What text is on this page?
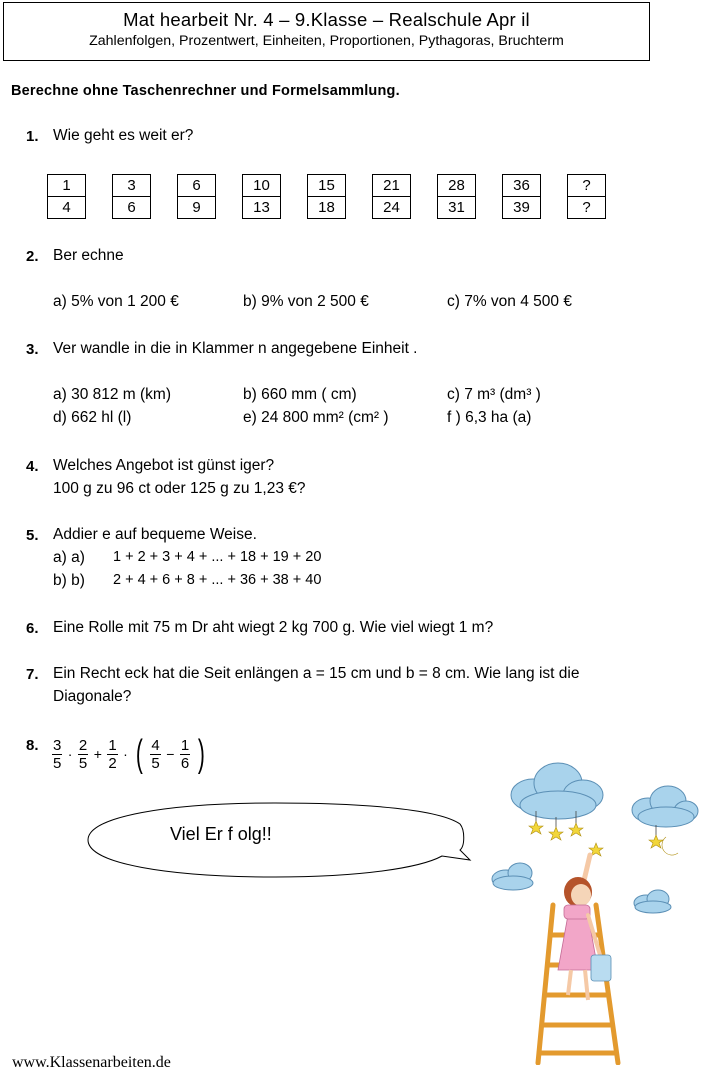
Mat hearbeit Nr. 4 – 9.Klasse – Realschule Apr il
Zahlenfolgen, Prozentwert, Einheiten, Proportionen, Pythagoras, Bruchterm
Berechne ohne Taschenrechner und Formelsammlung.
1. Wie geht es weit er?
1		3		6		10		15		21		28		36		?
4		6		9		13		18		24		31		39		?
2. Ber echne
a) 5% von 1 200 €	b) 9% von 2 500 €	c) 7% von 4 500 €
3. Ver wandle in die in Klammer n angegebene Einheit .
a) 30 812 m (km)	b) 660 mm ( cm)	c) 7 m³ (dm³ )
d) 662 hl (l)	e) 24 800 mm² (cm² )	f ) 6,3 ha (a)
4. Welches Angebot ist günst iger?
100 g zu 96 ct oder 125 g zu 1,23 €?
5. Addier e auf bequeme Weise.
a) a) 1 + 2 + 3 + 4 + ... + 18 + 19 + 20
b) b) 2 + 4 + 6 + 8 + ... + 36 + 38 + 40
6. Eine Rolle mit 75 m Dr aht wiegt 2 kg 700 g. Wie viel wiegt 1 m?
7. Ein Recht eck hat die Seit enlängen a = 15 cm und b = 8 cm. Wie lang ist die
Diagonale?
8. $\frac{3}{5} \cdot \frac{2}{5} + \frac{1}{2}$ · ( $\frac{4}{5} - \frac{1}{6}$ )
Viel Er f olg!!
www.Klassenarbeiten.de
